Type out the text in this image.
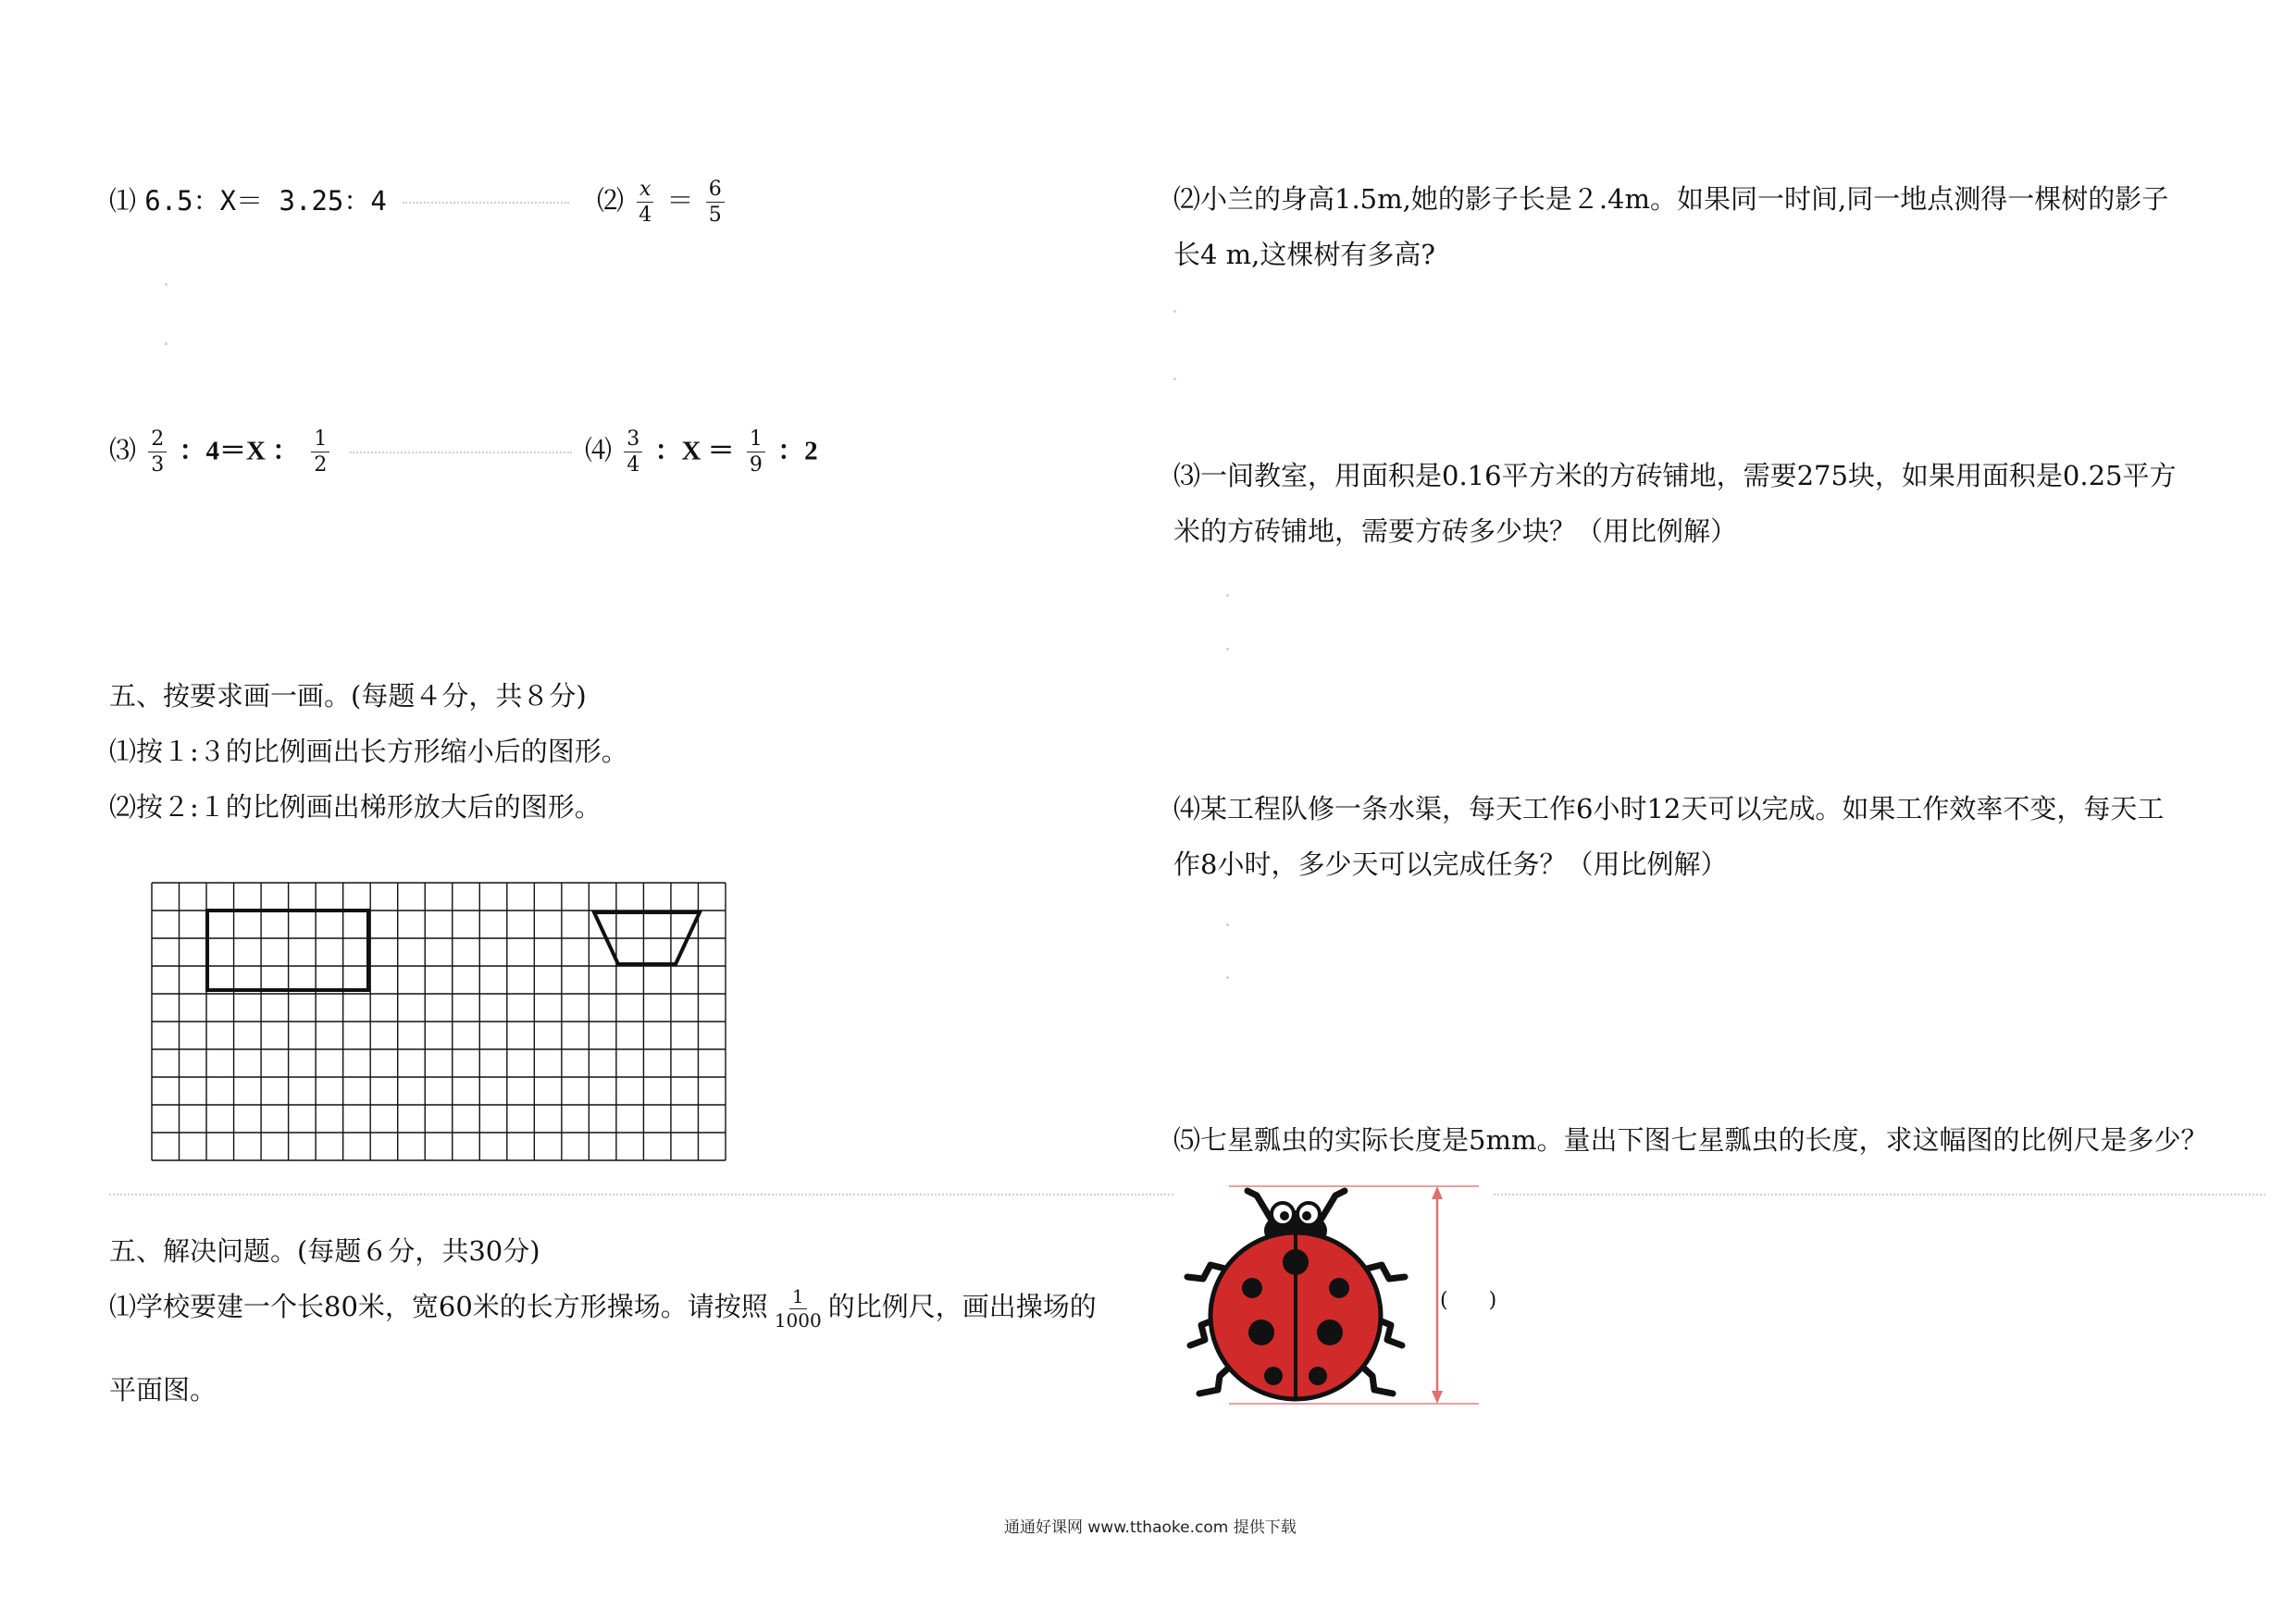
⑴ 6.5：X＝ 3.25：4	⑵ $\frac{x}{4} = \frac{6}{5}$
⑶ $\frac{2}{3}$ ：4＝X ： $\frac{1}{2}$
	⑷ $\frac{3}{4}$ ：$X = \frac{1}{9}$ ：2
五、按要求画一画。(每题４分，共８分)
⑴按１:３的比例画出长方形缩小后的图形。
⑵按２:１的比例画出梯形放大后的图形。
五、解决问题。(每题６分，共30分)
⑴学校要建一个长80米，宽60米的长方形操场。请按照 $\frac{1}{1000}$ 的比例尺，画出操场的
平面图。
⑵小兰的身高1.5m,她的影子长是２.4m。如果同一时间,同一地点测得一棵树的影子
长4 m,这棵树有多高?
⑶一间教室，用面积是0.16平方米的方砖铺地，需要275块，如果用面积是0.25平方
米的方砖铺地，需要方砖多少块？（用比例解）
⑷某工程队修一条水渠，每天工作6小时12天可以完成。如果工作效率不变，每天工
作8小时，多少天可以完成任务？（用比例解）
⑸七星瓢虫的实际长度是5mm。量出下图七星瓢虫的长度，求这幅图的比例尺是多少？
(　　)
通通好课网 www.tthaoke.com 提供下载
